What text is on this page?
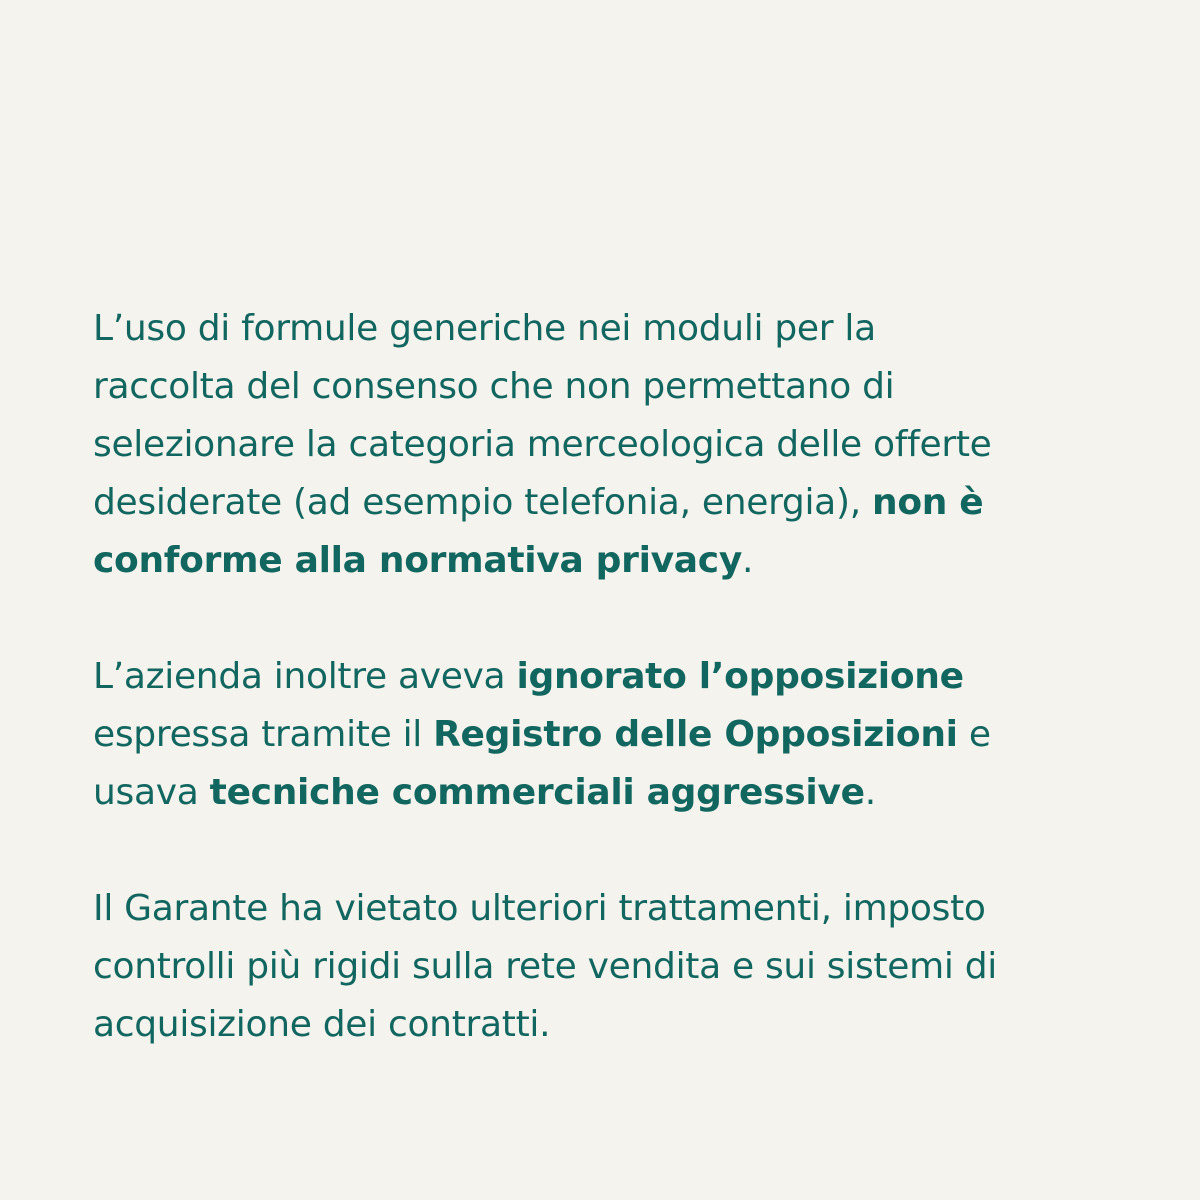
L’uso di formule generiche nei moduli per la
raccolta del consenso che non permettano di
selezionare la categoria merceologica delle offerte
desiderate (ad esempio telefonia, energia), non è
conforme alla normativa privacy.

L’azienda inoltre aveva ignorato l’opposizione
espressa tramite il Registro delle Opposizioni e
usava tecniche commerciali aggressive.

Il Garante ha vietato ulteriori trattamenti, imposto
controlli più rigidi sulla rete vendita e sui sistemi di
acquisizione dei contratti.
